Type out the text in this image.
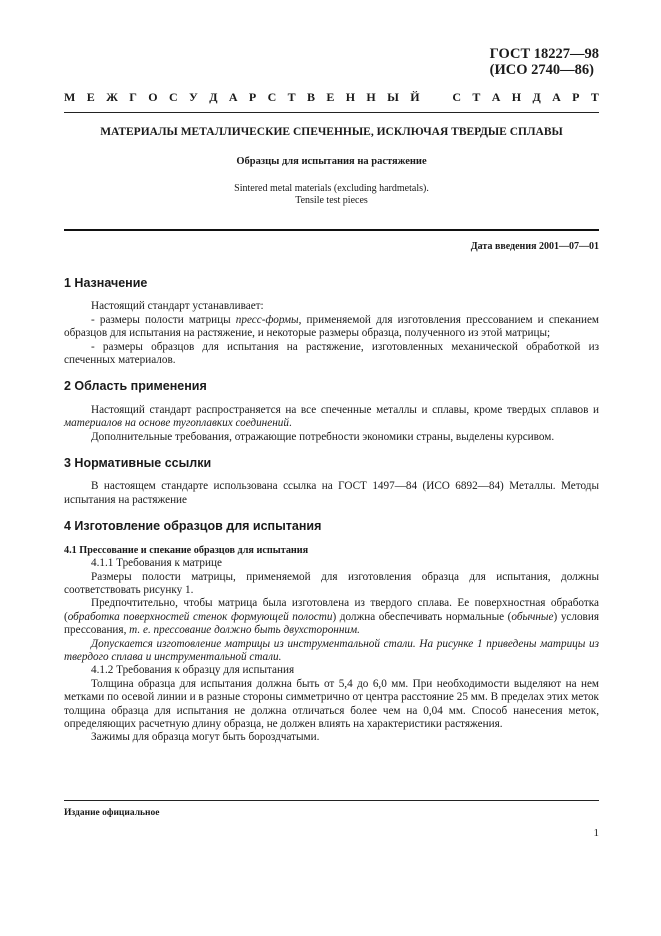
ГОСТ 18227—98
(ИСО 2740—86)
М Е Ж Г О С У Д А Р С Т В Е Н Н Ы Й	С Т А Н Д А Р Т
МАТЕРИАЛЫ МЕТАЛЛИЧЕСКИЕ СПЕЧЕННЫЕ, ИСКЛЮЧАЯ ТВЕРДЫЕ СПЛАВЫ
Образцы для испытания на растяжение
Sintered metal materials (excluding hardmetals).
Tensile test pieces
Дата введения 2001—07—01

1 Назначение

Настоящий стандарт устанавливает:

- размеры полости матрицы пресс-формы, применяемой для изготовления прессованием и спеканием образцов для испытания на растяжение, и некоторые размеры образца, полученного из этой матрицы;

- размеры образцов для испытания на растяжение, изготовленных механической обработкой из спеченных материалов.

2 Область применения

Настоящий стандарт распространяется на все спеченные металлы и сплавы, кроме твердых сплавов и материалов на основе тугоплавких соединений.

Дополнительные требования, отражающие потребности экономики страны, выделены курсивом.

3 Нормативные ссылки

В настоящем стандарте использована ссылка на ГОСТ 1497—84 (ИСО 6892—84) Металлы. Методы испытания на растяжение

4 Изготовление образцов для испытания

4.1 Прессование и спекание образцов для испытания

4.1.1 Требования к матрице

Размеры полости матрицы, применяемой для изготовления образца для испытания, должны соответствовать рисунку 1.

Предпочтительно, чтобы матрица была изготовлена из твердого сплава. Ее поверхностная обработка (обработка поверхностей стенок формующей полости) должна обеспечивать нормальные (обычные) условия прессования, т. е. прессование должно быть двухсторонним.

Допускается изготовление матрицы из инструментальной стали. На рисунке 1 приведены матрицы из твердого сплава и инструментальной стали.

4.1.2 Требования к образцу для испытания

Толщина образца для испытания должна быть от 5,4 до 6,0 мм. При необходимости выделяют на нем метками по осевой линии и в разные стороны симметрично от центра расстояние 25 мм. В пределах этих меток толщина образца для испытания не должна отличаться более чем на 0,04 мм. Способ нанесения меток, определяющих расчетную длину образца, не должен влиять на характеристики растяжения.

Зажимы для образца могут быть бороздчатыми.

Издание официальное
1
